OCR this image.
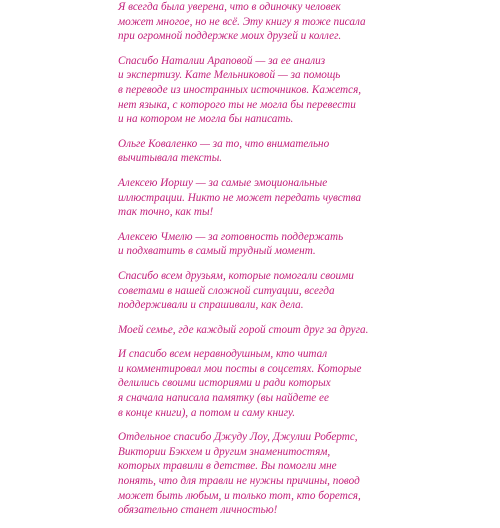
Я всегда была уверена, что в одиночку человек
может многое, но не всё. Эту книгу я тоже писала
при огромной поддержке моих друзей и коллег.
Спасибо Наталии Араповой — за ее анализ
и экспертизу. Кате Мельниковой — за помощь
в переводе из иностранных источников. Кажется,
нет языка, с которого ты не могла бы перевести
и на котором не могла бы написать.
Ольге Коваленко — за то, что внимательно
вычитывала тексты.
Алексею Иоршу — за самые эмоциональные
иллюстрации. Никто не может передать чувства
так точно, как ты!
Алексею Чмелю — за готовность поддержать
и подхватить в самый трудный момент.
Спасибо всем друзьям, которые помогали своими
советами в нашей сложной ситуации, всегда
поддерживали и спрашивали, как дела.
Моей семье, где каждый горой стоит друг за друга.
И спасибо всем неравнодушным, кто читал
и комментировал мои посты в соцсетях. Которые
делились своими историями и ради которых
я сначала написала памятку (вы найдете ее
в конце книги), а потом и саму книгу.
Отдельное спасибо Джуду Лоу, Джулии Робертс,
Виктории Бэкхем и другим знаменитостям,
которых травили в детстве. Вы помогли мне
понять, что для травли не нужны причины, повод
может быть любым, и только тот, кто борется,
обязательно станет личностью!
